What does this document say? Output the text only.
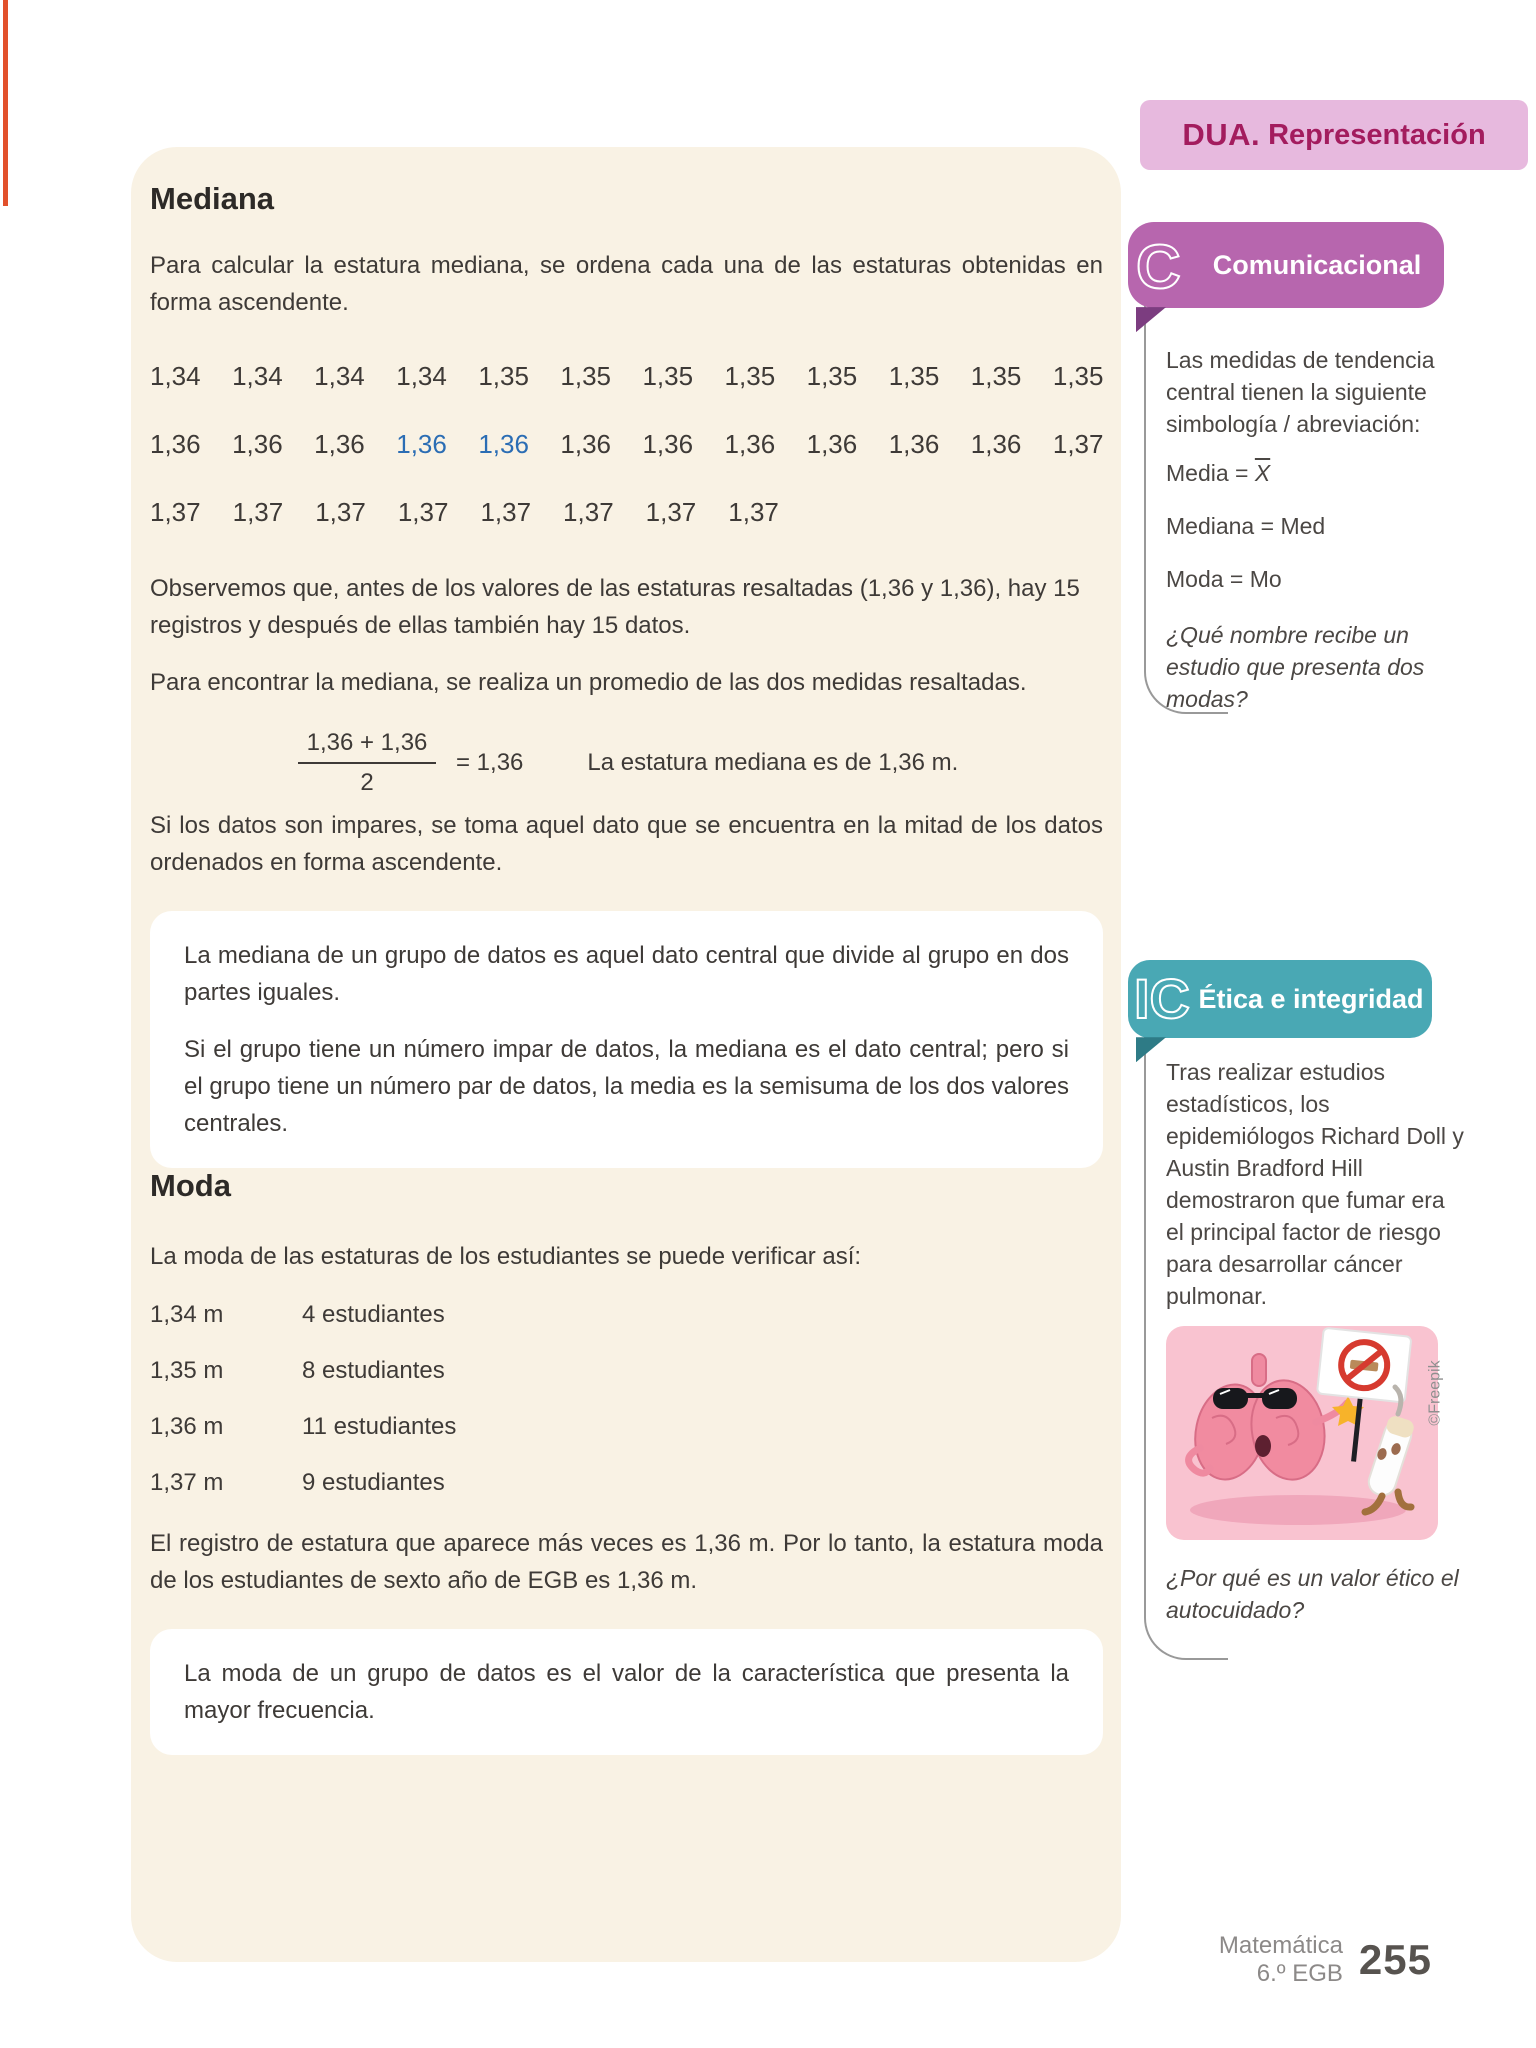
DUA. Representación
Mediana

Para calcular la estatura mediana, se ordena cada una de las estaturas obtenidas en forma ascendente.

1,34 1,34 1,34 1,34 1,35 1,35 1,35 1,35 1,35 1,35 1,35 1,35
1,36 1,36 1,36 1,36 1,36 1,36 1,36 1,36 1,36 1,36 1,36 1,37
1,37 1,37 1,37 1,37 1,37 1,37 1,37 1,37

Observemos que, antes de los valores de las estaturas resaltadas (1,36 y 1,36), hay 15 registros y después de ellas también hay 15 datos.

Para encontrar la mediana, se realiza un promedio de las dos medidas resaltadas.

$\frac{1,36 + 1,36}{2} = 1,36$	La estatura mediana es de 1,36 m.

Si los datos son impares, se toma aquel dato que se encuentra en la mitad de los datos ordenados en forma ascendente.

La mediana de un grupo de datos es aquel dato central que divide al grupo en dos partes iguales.

Si el grupo tiene un número impar de datos, la mediana es el dato central; pero si el grupo tiene un número par de datos, la media es la semisuma de los dos valores centrales.

Moda

La moda de las estaturas de los estudiantes se puede verificar así:

1,34 m	4 estudiantes
1,35 m	8 estudiantes
1,36 m	11 estudiantes
1,37 m	9 estudiantes

El registro de estatura que aparece más veces es 1,36 m. Por lo tanto, la estatura moda de los estudiantes de sexto año de EGB es 1,36 m.

La moda de un grupo de datos es el valor de la característica que presenta la mayor frecuencia.

C Comunicacional

Las medidas de tendencia central tienen la siguiente simbología / abreviación:

Media = $\overline{X}$
Mediana = Med
Moda = Mo

¿Qué nombre recibe un estudio que presenta dos modas?

IC Ética e integridad

Tras realizar estudios estadísticos, los epidemiólogos Richard Doll y Austin Bradford Hill demostraron que fumar era el principal factor de riesgo para desarrollar cáncer pulmonar.

©Freepik

¿Por qué es un valor ético el autocuidado?

Matemática
6.º EGB 255
